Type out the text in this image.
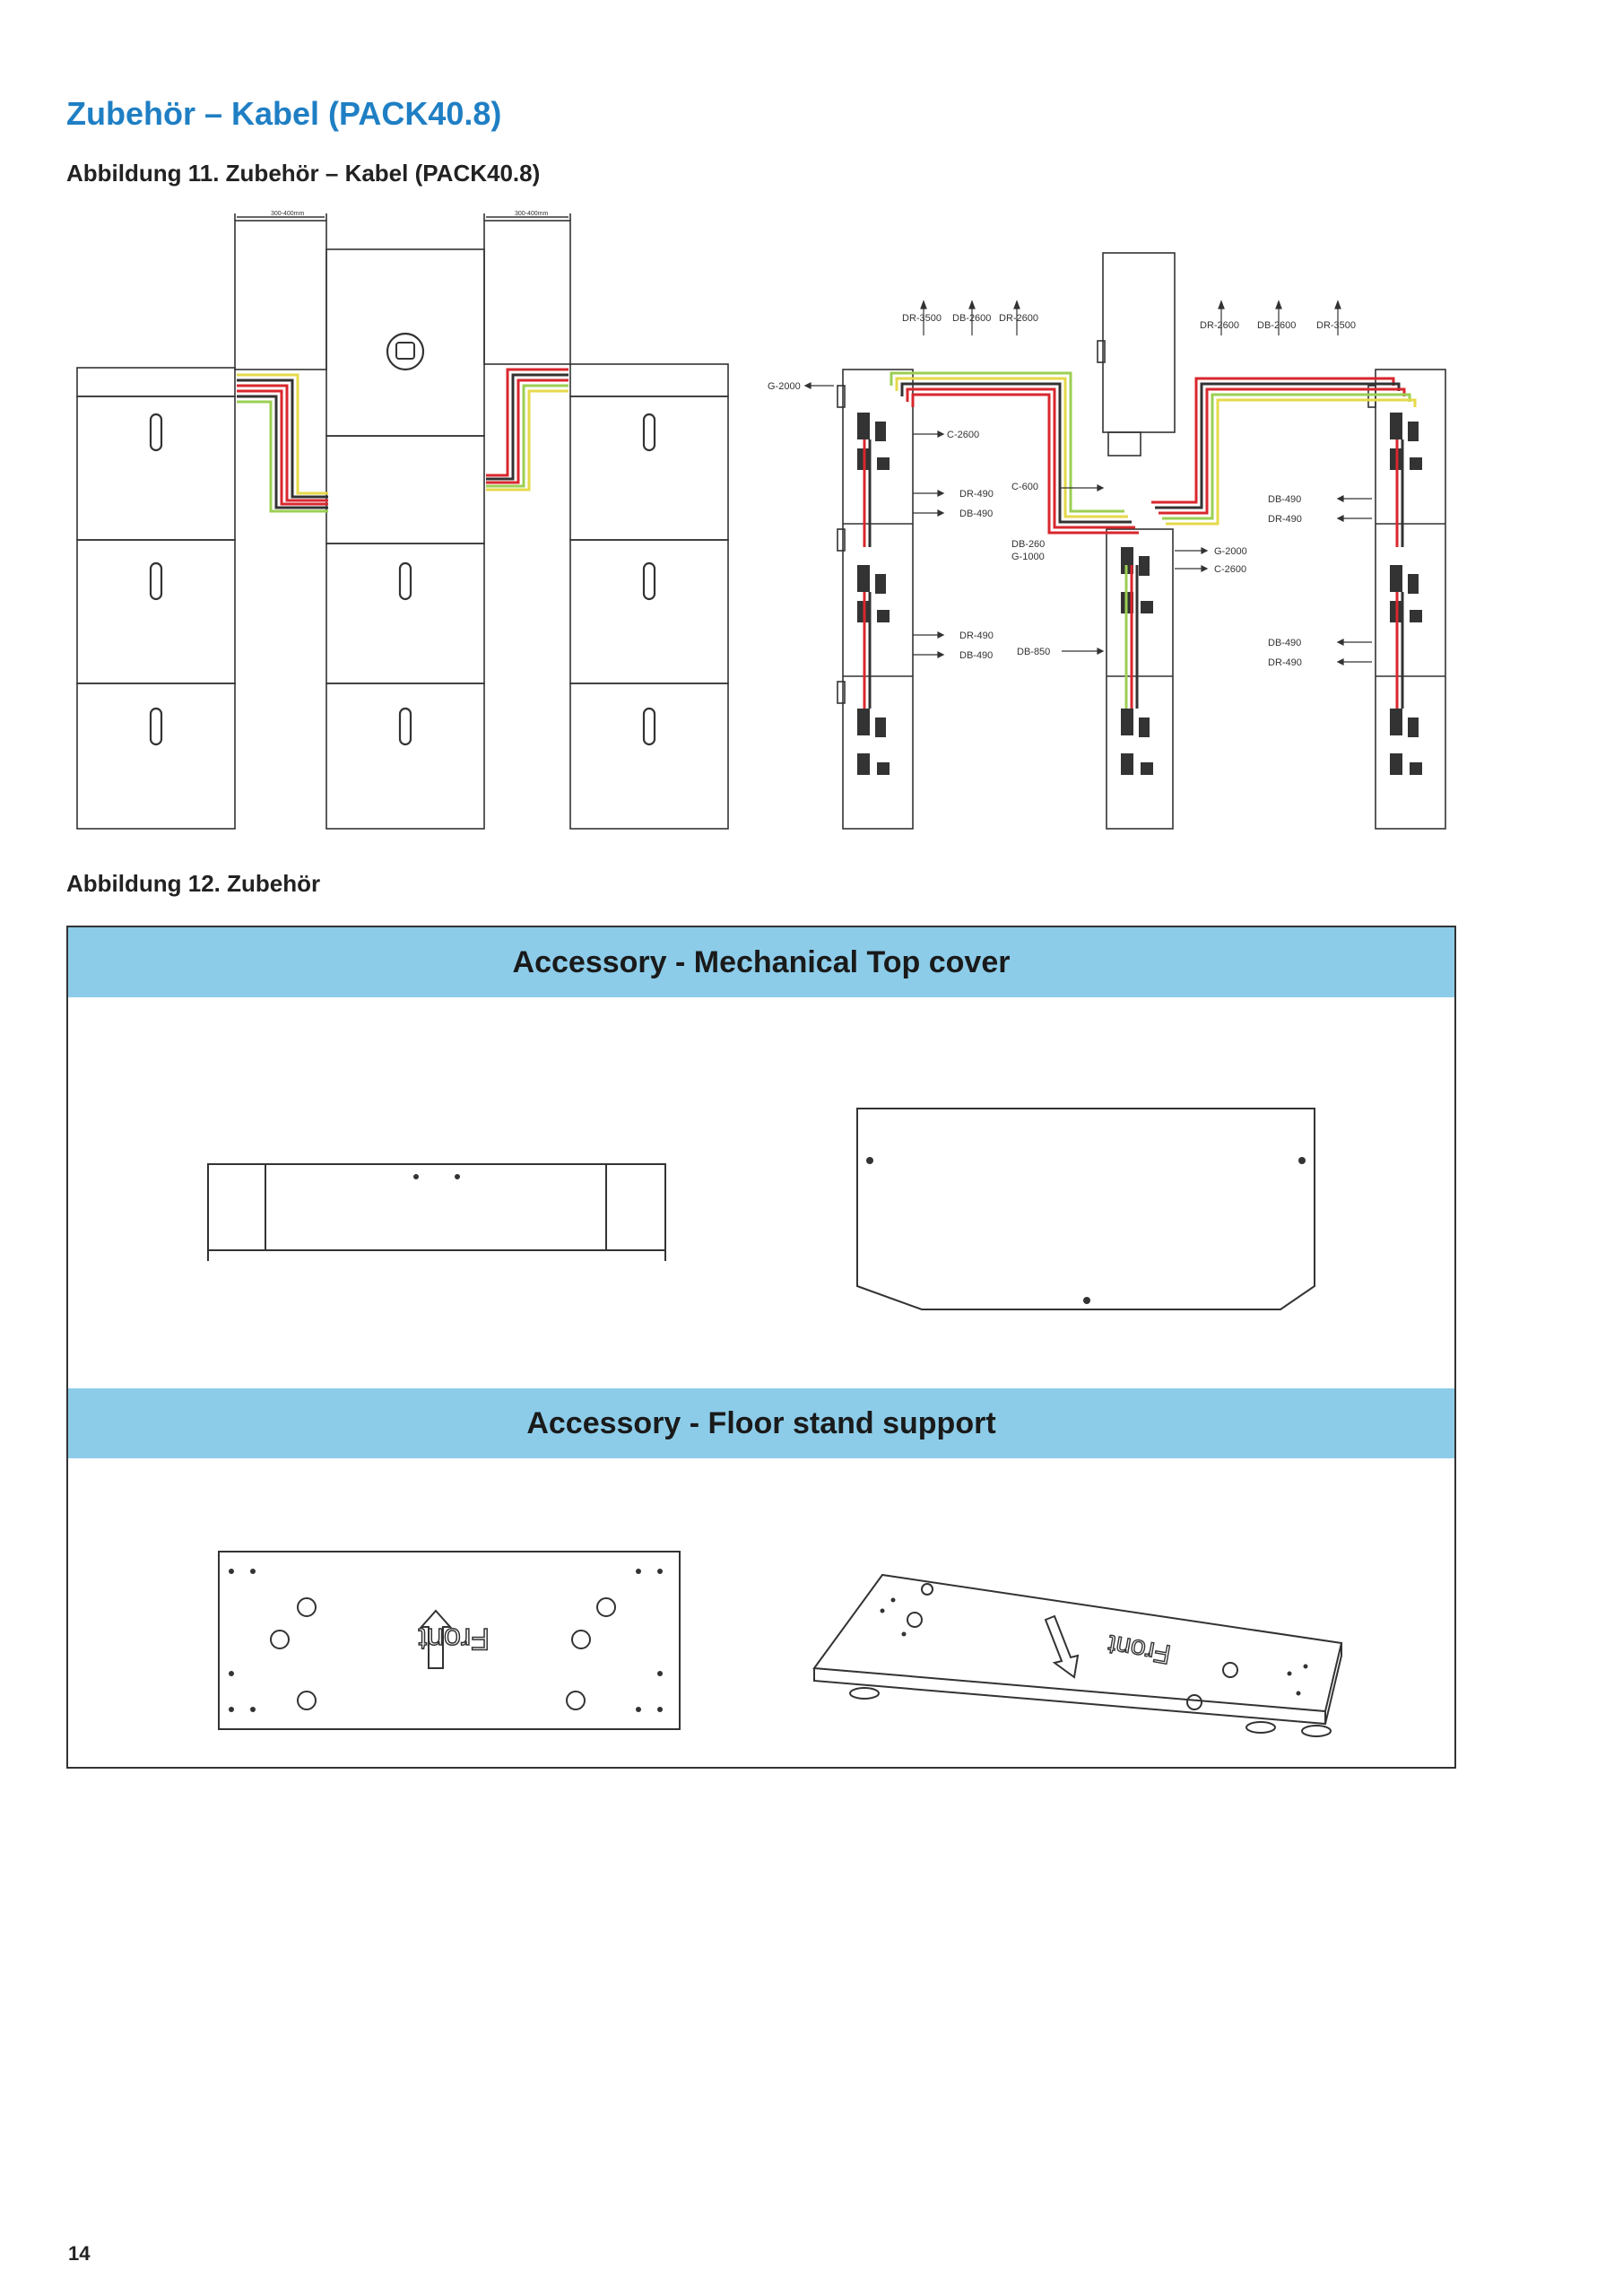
Zubehör – Kabel (PACK40.8)

Abbildung 11. Zubehör – Kabel (PACK40.8)

300-400mm	300-400mm
DR-3500 DB-2600 DR-2600
DR-2600 DB-2600 DR-3500
G-2000
C-2600
DR-490
DB-490
C-600
DB-260
G-1000
DR-490
DB-490 DB-850
G-2000
C-2600
DB-490
DR-490
DB-490
DR-490

Abbildung 12. Zubehör

Accessory - Mechanical Top cover
Accessory - Floor stand support
Front	Front
14
